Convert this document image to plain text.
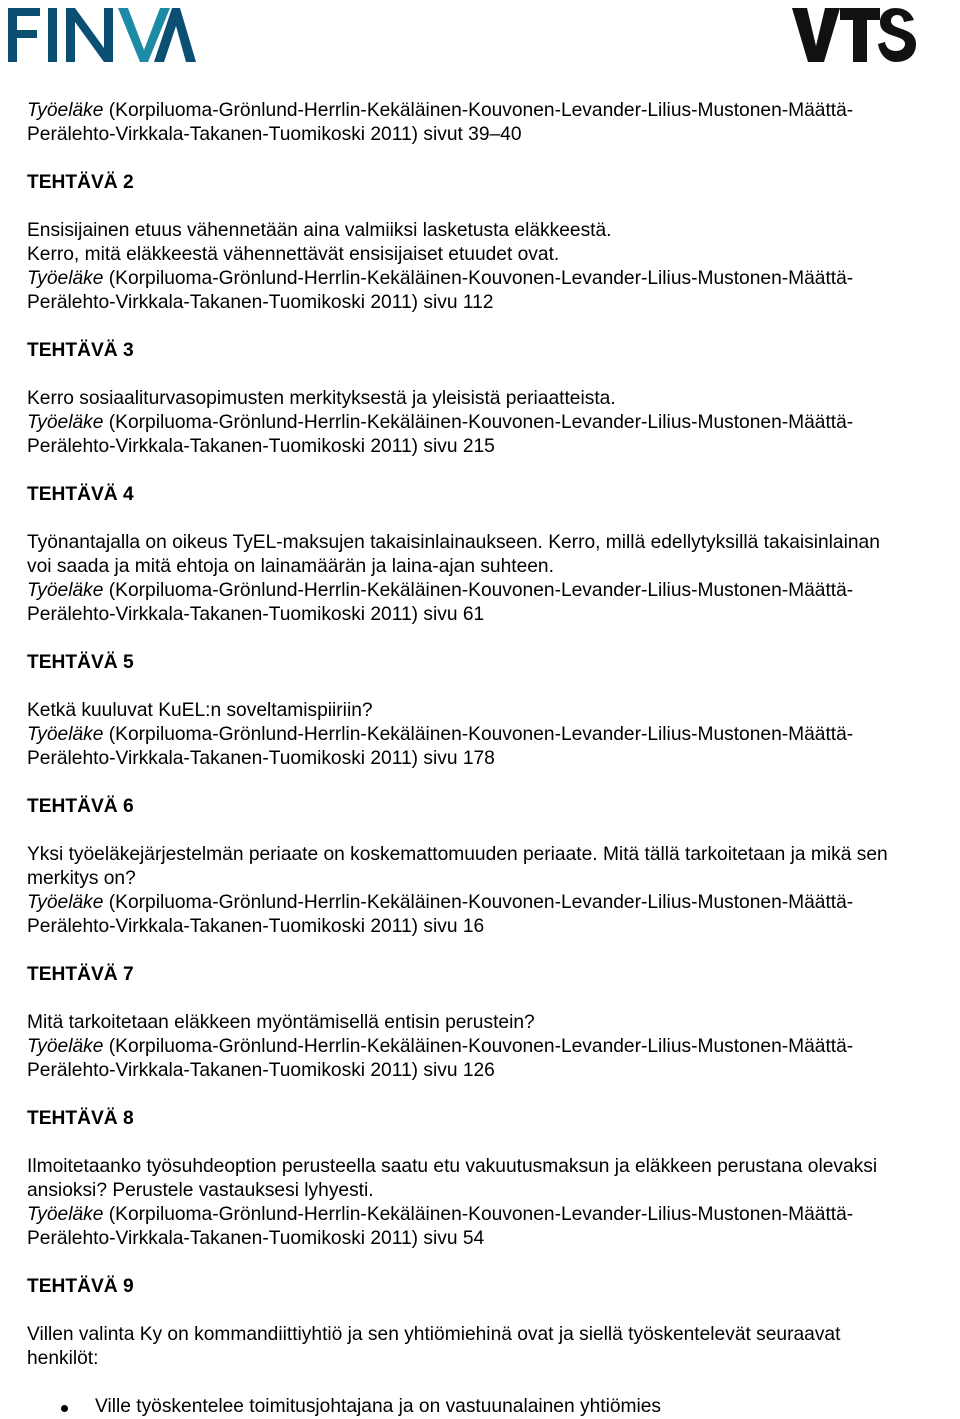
Työeläke (Korpiluoma-Grönlund-Herrlin-Kekäläinen-Kouvonen-Levander-Lilius-Mustonen-Määttä-

Perälehto-Virkkala-Takanen-Tuomikoski 2011) sivut 39–40

TEHTÄVÄ 2

Ensisijainen etuus vähennetään aina valmiiksi lasketusta eläkkeestä.

Kerro, mitä eläkkeestä vähennettävät ensisijaiset etuudet ovat.

Työeläke (Korpiluoma-Grönlund-Herrlin-Kekäläinen-Kouvonen-Levander-Lilius-Mustonen-Määttä-

Perälehto-Virkkala-Takanen-Tuomikoski 2011) sivu 112

TEHTÄVÄ 3

Kerro sosiaaliturvasopimusten merkityksestä ja yleisistä periaatteista.

Työeläke (Korpiluoma-Grönlund-Herrlin-Kekäläinen-Kouvonen-Levander-Lilius-Mustonen-Määttä-

Perälehto-Virkkala-Takanen-Tuomikoski 2011) sivu 215

TEHTÄVÄ 4

Työnantajalla on oikeus TyEL-maksujen takaisinlainaukseen. Kerro, millä edellytyksillä takaisinlainan

voi saada ja mitä ehtoja on lainamäärän ja laina-ajan suhteen.

Työeläke (Korpiluoma-Grönlund-Herrlin-Kekäläinen-Kouvonen-Levander-Lilius-Mustonen-Määttä-

Perälehto-Virkkala-Takanen-Tuomikoski 2011) sivu 61

TEHTÄVÄ 5

Ketkä kuuluvat KuEL:n soveltamispiiriin?

Työeläke (Korpiluoma-Grönlund-Herrlin-Kekäläinen-Kouvonen-Levander-Lilius-Mustonen-Määttä-

Perälehto-Virkkala-Takanen-Tuomikoski 2011) sivu 178

TEHTÄVÄ 6

Yksi työeläkejärjestelmän periaate on koskemattomuuden periaate. Mitä tällä tarkoitetaan ja mikä sen

merkitys on?

Työeläke (Korpiluoma-Grönlund-Herrlin-Kekäläinen-Kouvonen-Levander-Lilius-Mustonen-Määttä-

Perälehto-Virkkala-Takanen-Tuomikoski 2011) sivu 16

TEHTÄVÄ 7

Mitä tarkoitetaan eläkkeen myöntämisellä entisin perustein?

Työeläke (Korpiluoma-Grönlund-Herrlin-Kekäläinen-Kouvonen-Levander-Lilius-Mustonen-Määttä-

Perälehto-Virkkala-Takanen-Tuomikoski 2011) sivu 126

TEHTÄVÄ 8

Ilmoitetaanko työsuhdeoption perusteella saatu etu vakuutusmaksun ja eläkkeen perustana olevaksi

ansioksi? Perustele vastauksesi lyhyesti.

Työeläke (Korpiluoma-Grönlund-Herrlin-Kekäläinen-Kouvonen-Levander-Lilius-Mustonen-Määttä-

Perälehto-Virkkala-Takanen-Tuomikoski 2011) sivu 54

TEHTÄVÄ 9

Villen valinta Ky on kommandiittiyhtiö ja sen yhtiömiehinä ovat ja siellä työskentelevät seuraavat

henkilöt:

Ville työskentelee toimitusjohtajana ja on vastuunalainen yhtiömies
